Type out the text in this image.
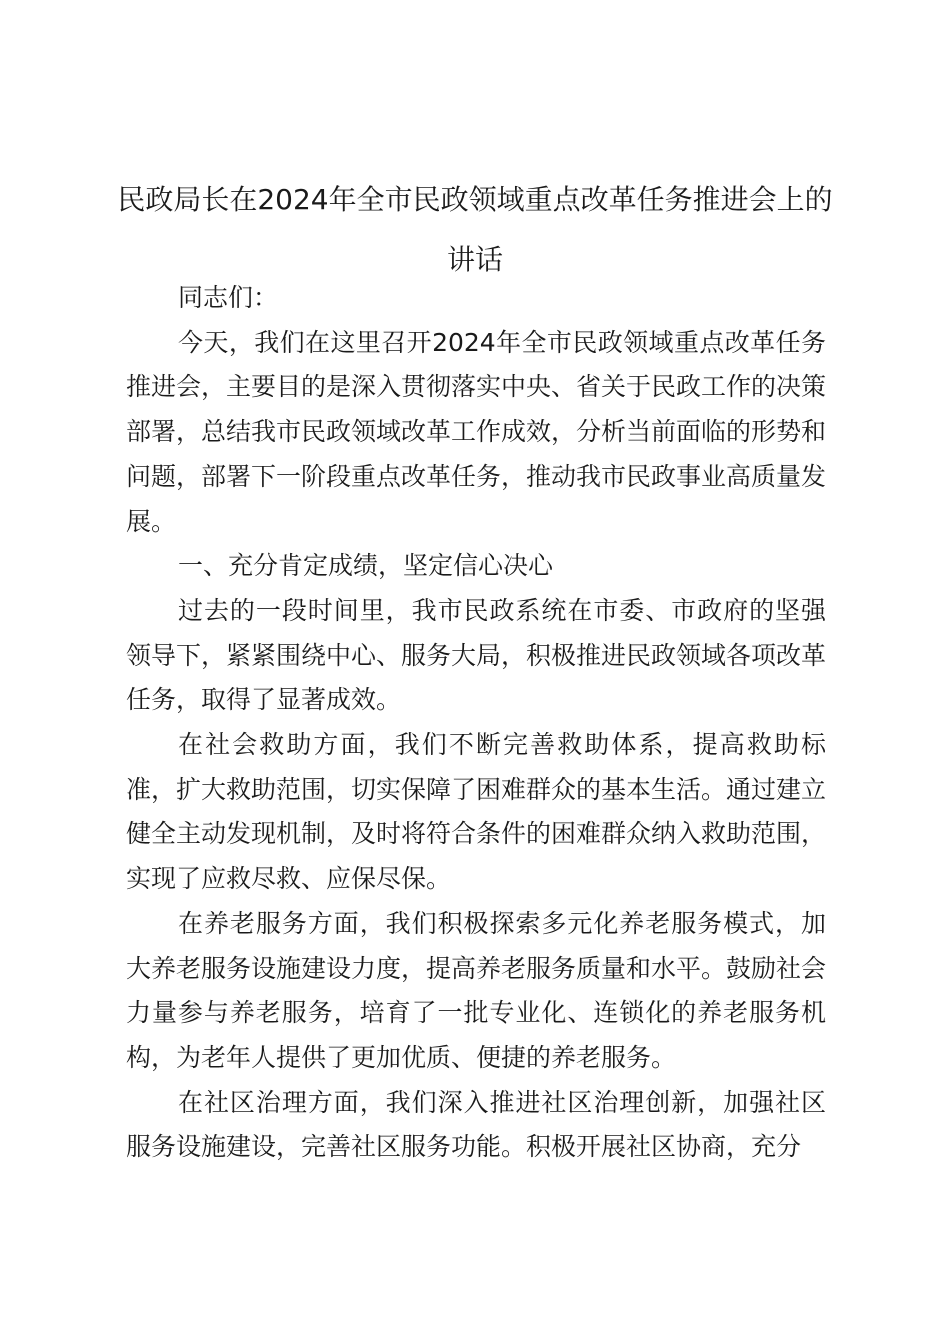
民政局长在2024年全市民政领域重点改革任务推进会上的讲话

同志们：

今天，我们在这里召开2024年全市民政领域重点改革任务推进会，主要目的是深入贯彻落实中央、省关于民政工作的决策部署，总结我市民政领域改革工作成效，分析当前面临的形势和问题，部署下一阶段重点改革任务，推动我市民政事业高质量发展。

一、充分肯定成绩，坚定信心决心

过去的一段时间里，我市民政系统在市委、市政府的坚强领导下，紧紧围绕中心、服务大局，积极推进民政领域各项改革任务，取得了显著成效。

在社会救助方面，我们不断完善救助体系，提高救助标准，扩大救助范围，切实保障了困难群众的基本生活。通过建立健全主动发现机制，及时将符合条件的困难群众纳入救助范围，实现了应救尽救、应保尽保。

在养老服务方面，我们积极探索多元化养老服务模式，加大养老服务设施建设力度，提高养老服务质量和水平。鼓励社会力量参与养老服务，培育了一批专业化、连锁化的养老服务机构，为老年人提供了更加优质、便捷的养老服务。

在社区治理方面，我们深入推进社区治理创新，加强社区服务设施建设，完善社区服务功能。积极开展社区协商，充分
